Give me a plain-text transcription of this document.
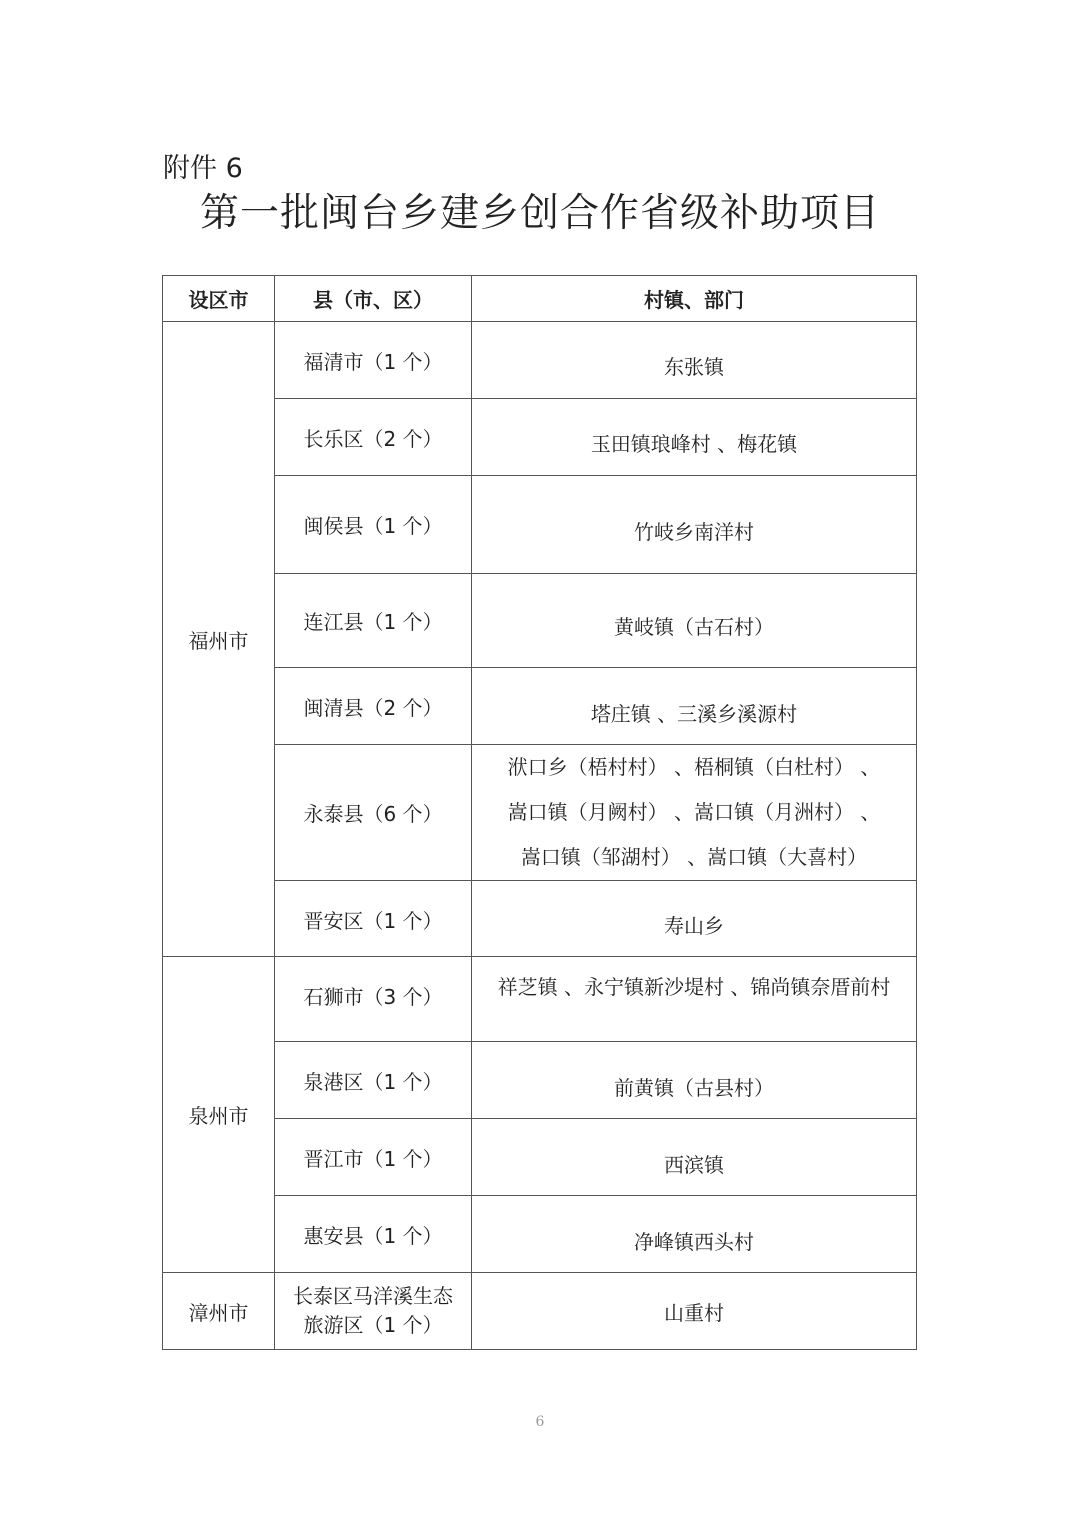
附件 6
第一批闽台乡建乡创合作省级补助项目
设区市	县（市、区）	村镇、部门
福州市	福清市（1 个）	东张镇
	长乐区（2 个）	玉田镇琅峰村 、梅花镇
	闽侯县（1 个）	竹岐乡南洋村
	连江县（1 个）	黄岐镇（古石村）
	闽清县（2 个）	塔庄镇 、三溪乡溪源村
	永泰县（6 个）	洑口乡（梧村村） 、梧桐镇（白杜村） 、
嵩口镇（月阙村） 、嵩口镇（月洲村） 、
嵩口镇（邹湖村） 、嵩口镇（大喜村）

	晋安区（1 个）	寿山乡
泉州市	石狮市（3 个）	祥芝镇 、永宁镇新沙堤村 、锦尚镇奈厝前村

	泉港区（1 个）	前黄镇（古县村）
	晋江市（1 个）	西滨镇
	惠安县（1 个）	净峰镇西头村
漳州市	长泰区马洋溪生态
旅游区（1 个）	山重村
6
